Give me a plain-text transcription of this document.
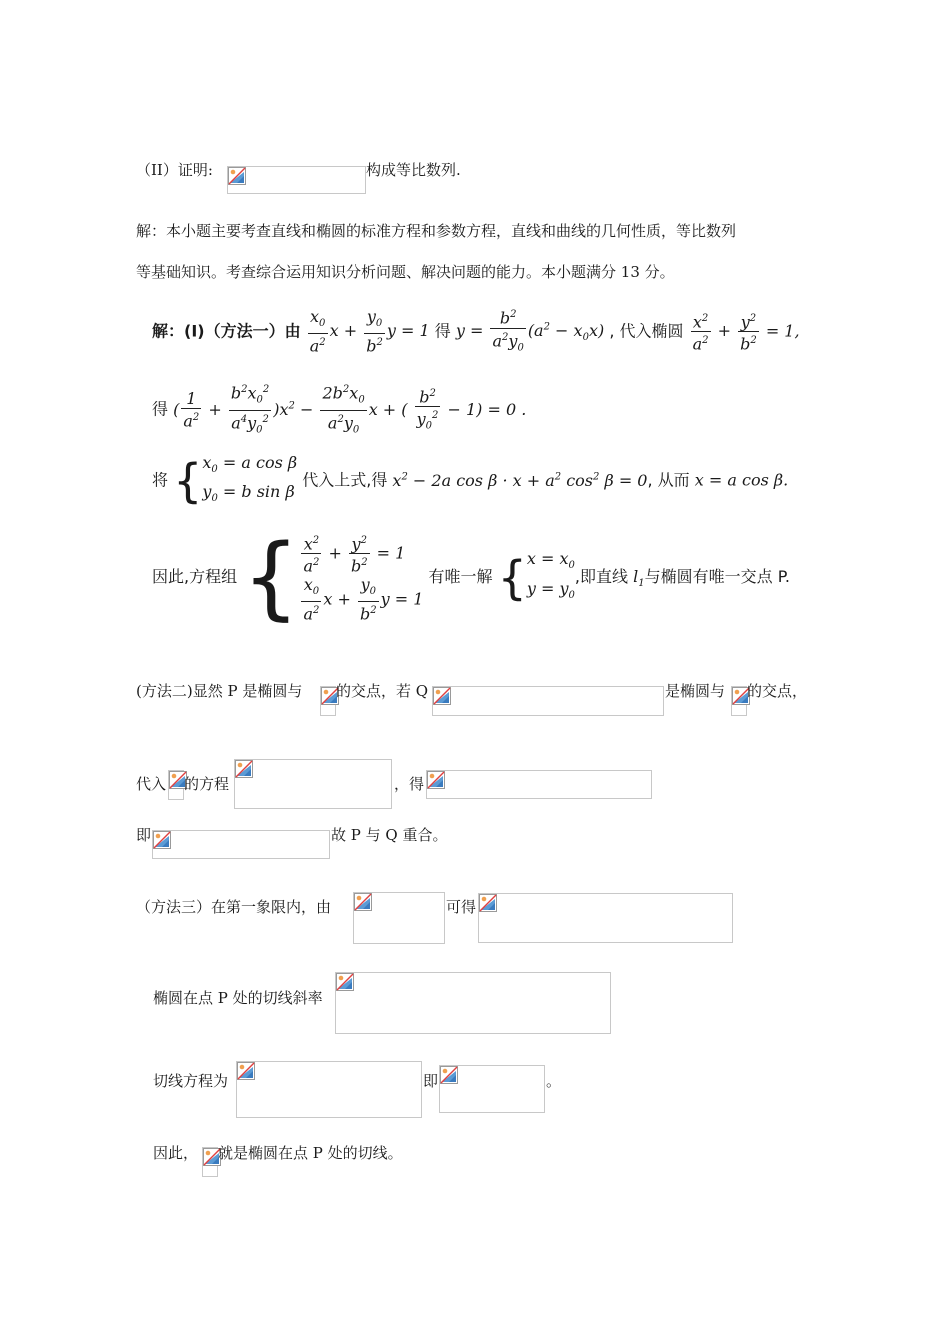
（II）证明:	构成等比数列.
解：本小题主要考查直线和椭圆的标准方程和参数方程，直线和曲线的几何性质，等比数列
等基础知识。考查综合运用知识分析问题、解决问题的能力。本小题满分 13 分。
解：(Ⅰ)（方法一）由 $\frac{x_0}{a^2}$ $x + \frac{y_0}{b^2}$ y = 1 得 $y = \frac{b^2}{a^2y_0} (a^2 - x_0x)$ , 代入椭圆 $\frac{x^2}{a^2} + \frac{y^2}{b^2} = 1$,
得 ( $\frac{1}{a^2} + \frac{b^2x_0^2}{a^4y_0^2} )x^2 - \frac{2b^2x_0}{a^2y_0}$ x + ( $\frac{b^2}{y_0^2} - 1) = 0$ .
将 {$x_0 = a$ cos β
$y_0 = b$ sin β 代入上式,得 $x^2 - 2a$ $\cos \beta \cdot x + a^2$ $\cos^2 \beta = 0$, 从而 x = a cos β.
因此,方程组 { $\frac{x^2}{a^2} + \frac{y^2}{b^2} = 1$

$\frac{x_0}{a^2}$ $x + \frac{y_0}{b^2}$ y = 1 有唯一解 {$x = x_0$
$y = y_0$,即直线 $l_1$与椭圆有唯一交点 P.
(方法二)显然 P 是椭圆与 的交点，若 Q	是椭圆与 的交点，
代入 的方程	，得
即	故 P 与 Q 重合。
（方法三）在第一象限内，由	可得
椭圆在点 P 处的切线斜率
切线方程为	即	。
因此， 就是椭圆在点 P 处的切线。
